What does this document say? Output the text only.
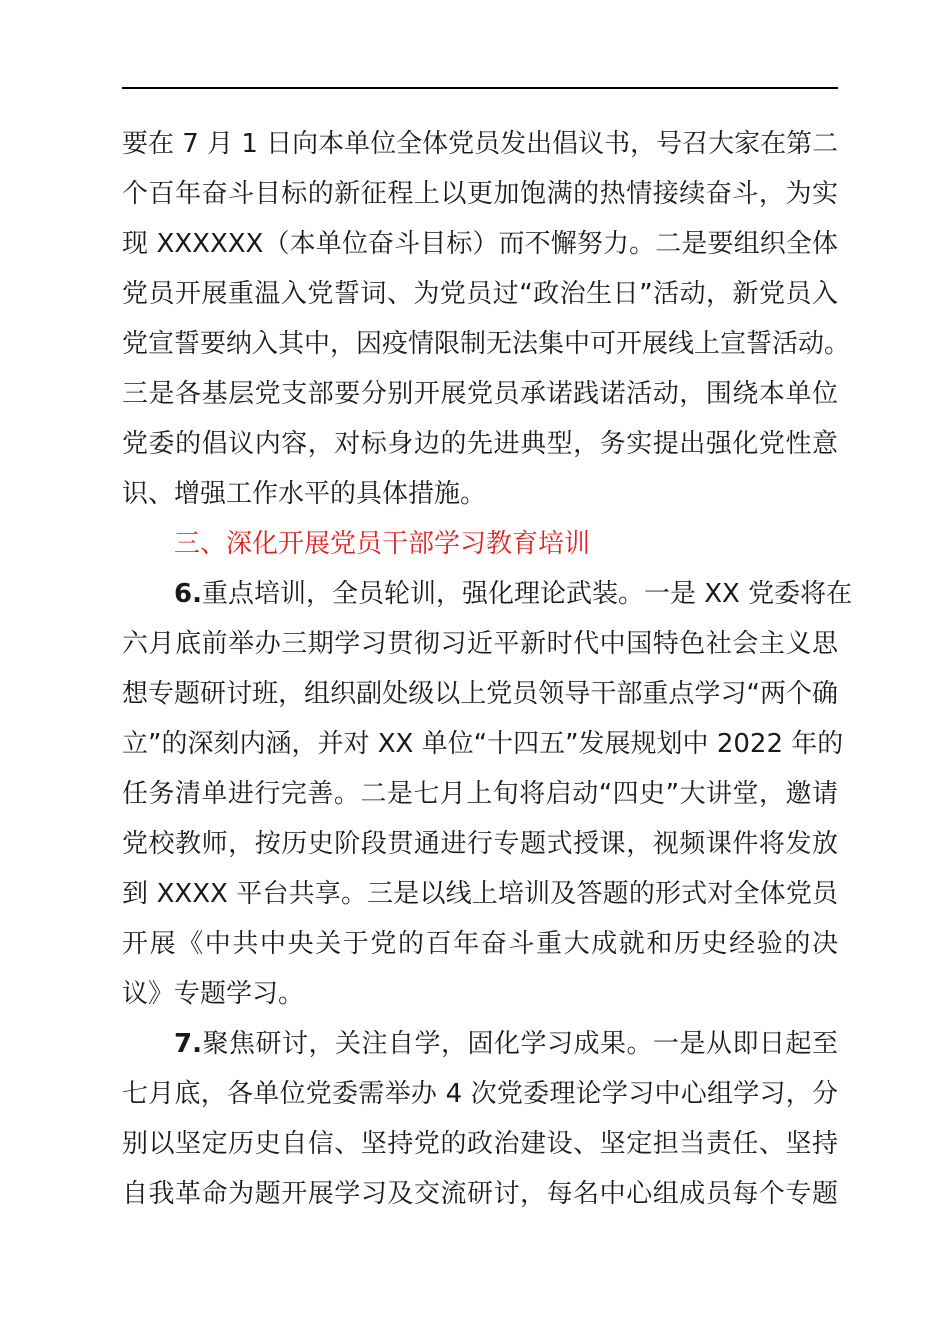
要在 7 月 1 日向本单位全体党员发出倡议书，号召大家在第二
个百年奋斗目标的新征程上以更加饱满的热情接续奋斗，为实
现 XXXXXX（本单位奋斗目标）而不懈努力。二是要组织全体
党员开展重温入党誓词、为党员过“政治生日”活动，新党员入
党宣誓要纳入其中，因疫情限制无法集中可开展线上宣誓活动。
三是各基层党支部要分别开展党员承诺践诺活动，围绕本单位
党委的倡议内容，对标身边的先进典型，务实提出强化党性意
识、增强工作水平的具体措施。
三、深化开展党员干部学习教育培训
6.重点培训，全员轮训，强化理论武装。一是 XX 党委将在
六月底前举办三期学习贯彻习近平新时代中国特色社会主义思
想专题研讨班，组织副处级以上党员领导干部重点学习“两个确
立”的深刻内涵，并对 XX 单位“十四五”发展规划中 2022 年的
任务清单进行完善。二是七月上旬将启动“四史”大讲堂，邀请
党校教师，按历史阶段贯通进行专题式授课，视频课件将发放
到 XXXX 平台共享。三是以线上培训及答题的形式对全体党员
开展《中共中央关于党的百年奋斗重大成就和历史经验的决
议》专题学习。
7.聚焦研讨，关注自学，固化学习成果。一是从即日起至
七月底，各单位党委需举办 4 次党委理论学习中心组学习，分
别以坚定历史自信、坚持党的政治建设、坚定担当责任、坚持
自我革命为题开展学习及交流研讨，每名中心组成员每个专题
